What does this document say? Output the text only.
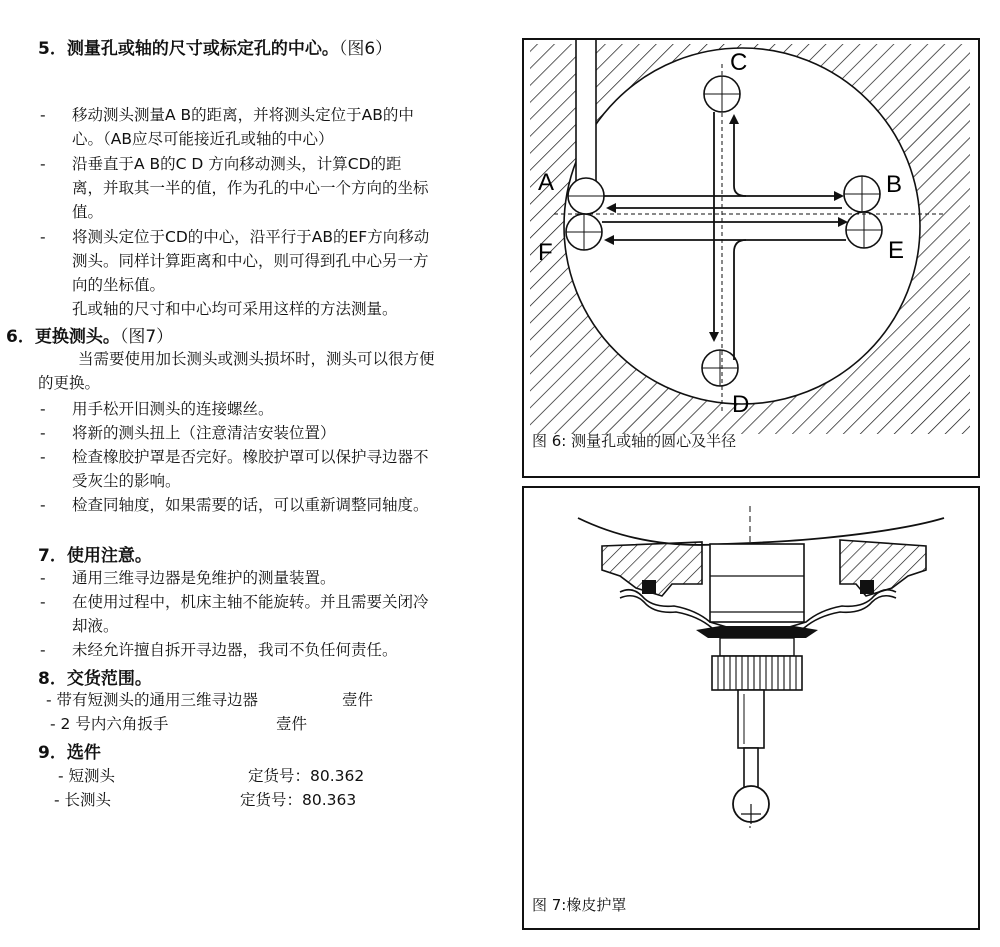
5．测量孔或轴的尺寸或标定孔的中心。（图6）
- 移动测头测量A B的距离，并将测头定位于AB的中
心。（AB应尽可能接近孔或轴的中心）
- 沿垂直于A B的C D 方向移动测头，计算CD的距
离，并取其一半的值，作为孔的中心一个方向的坐标
值。
- 将测头定位于CD的中心，沿平行于AB的EF方向移动
测头。同样计算距离和中心，则可得到孔中心另一方
向的坐标值。
孔或轴的尺寸和中心均可采用这样的方法测量。
6．更换测头。（图7）
当需要使用加长测头或测头损坏时，测头可以很方便
的更换。
- 用手松开旧测头的连接螺丝。
- 将新的测头扭上（注意清洁安装位置）
- 检查橡胶护罩是否完好。橡胶护罩可以保护寻边器不
受灰尘的影响。
- 检查同轴度，如果需要的话，可以重新调整同轴度。
7．使用注意。
- 通用三维寻边器是免维护的测量装置。
- 在使用过程中，机床主轴不能旋转。并且需要关闭冷
却液。
- 未经允许擅自拆开寻边器，我司不负任何责任。
8．交货范围。
- 带有短测头的通用三维寻边器	壹件
- 2 号内六角扳手	壹件
9．选件
- 短测头	定货号：80.362
- 长测头	定货号：80.363
A
F
B
E
C
D
图 6: 测量孔或轴的圆心及半径
图 7:橡皮护罩
